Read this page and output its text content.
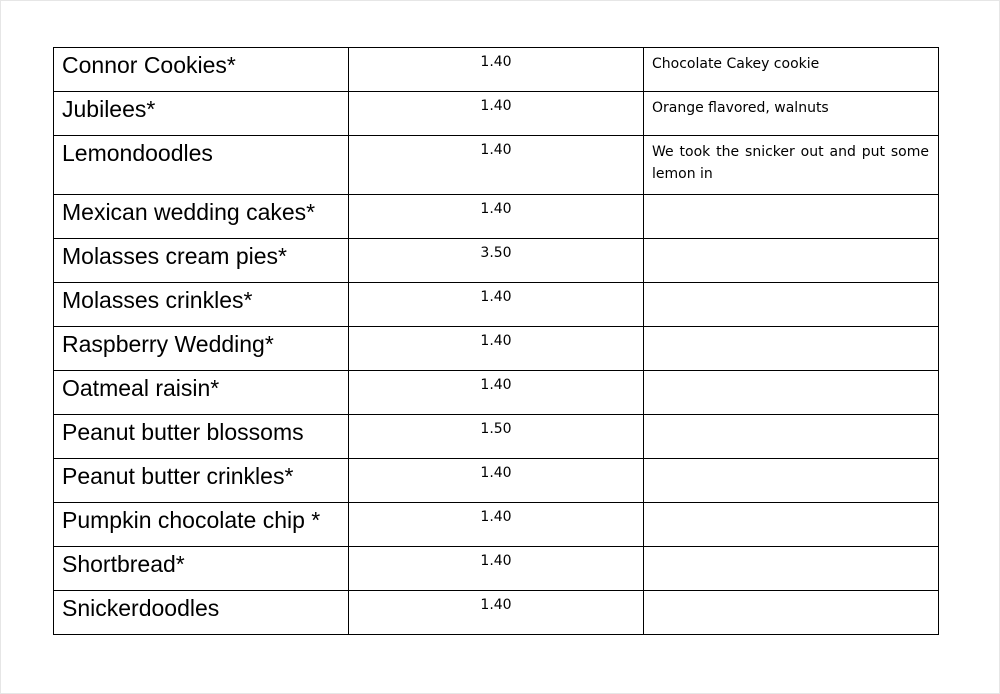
Connor Cookies*	1.40	Chocolate Cakey cookie
Jubilees*	1.40	Orange flavored, walnuts
Lemondoodles	1.40	We took the snicker out and put some lemon in
Mexican wedding cakes*	1.40	
Molasses cream pies*	3.50	
Molasses crinkles*	1.40	
Raspberry Wedding*	1.40	
Oatmeal raisin*	1.40	
Peanut butter blossoms	1.50	
Peanut butter crinkles*	1.40	
Pumpkin chocolate chip *	1.40	
Shortbread*	1.40	
Snickerdoodles	1.40	
